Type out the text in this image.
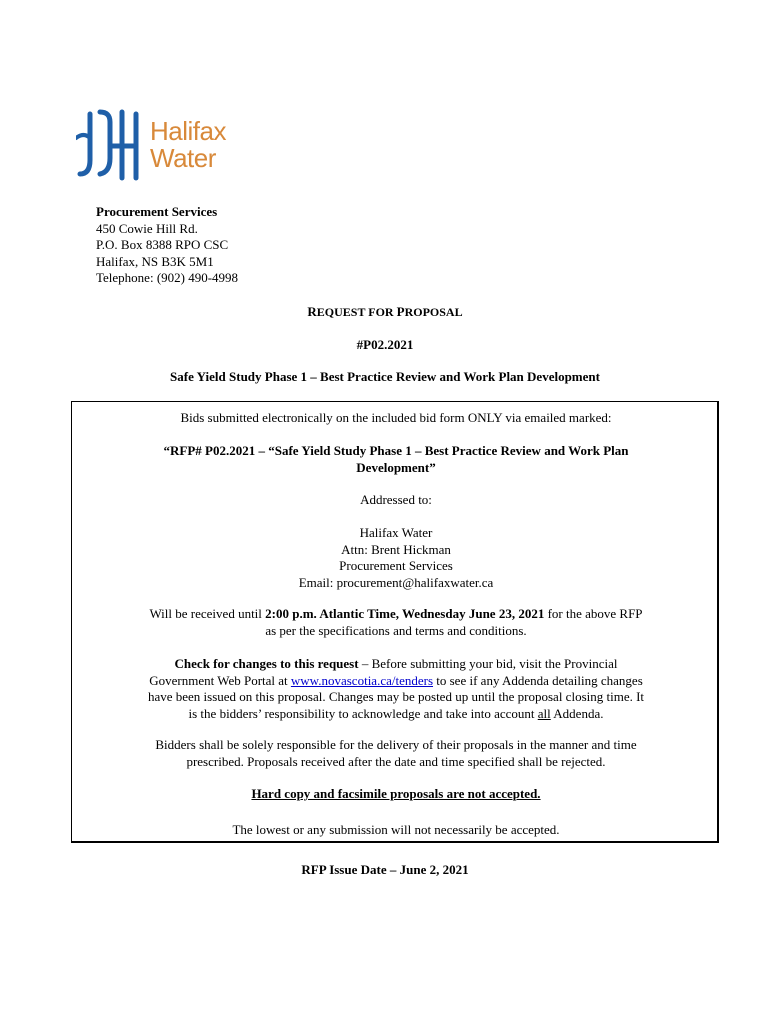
Halifax
Water
Procurement Services
450 Cowie Hill Rd.
P.O. Box 8388 RPO CSC
Halifax, NS B3K 5M1
Telephone: (902) 490-4998
REQUEST FOR PROPOSAL
#P02.2021
Safe Yield Study Phase 1 – Best Practice Review and Work Plan Development
Bids submitted electronically on the included bid form ONLY via emailed marked:
“RFP# P02.2021 – “Safe Yield Study Phase 1 – Best Practice Review and Work Plan
Development”
Addressed to:
Halifax Water
Attn: Brent Hickman
Procurement Services
Email: procurement@halifaxwater.ca
Will be received until 2:00 p.m. Atlantic Time, Wednesday June 23, 2021 for the above RFP
as per the specifications and terms and conditions.
Check for changes to this request – Before submitting your bid, visit the Provincial
Government Web Portal at www.novascotia.ca/tenders to see if any Addenda detailing changes
have been issued on this proposal. Changes may be posted up until the proposal closing time. It
is the bidders’ responsibility to acknowledge and take into account all Addenda.
Bidders shall be solely responsible for the delivery of their proposals in the manner and time
prescribed. Proposals received after the date and time specified shall be rejected.
Hard copy and facsimile proposals are not accepted.
The lowest or any submission will not necessarily be accepted.
RFP Issue Date – June 2, 2021
